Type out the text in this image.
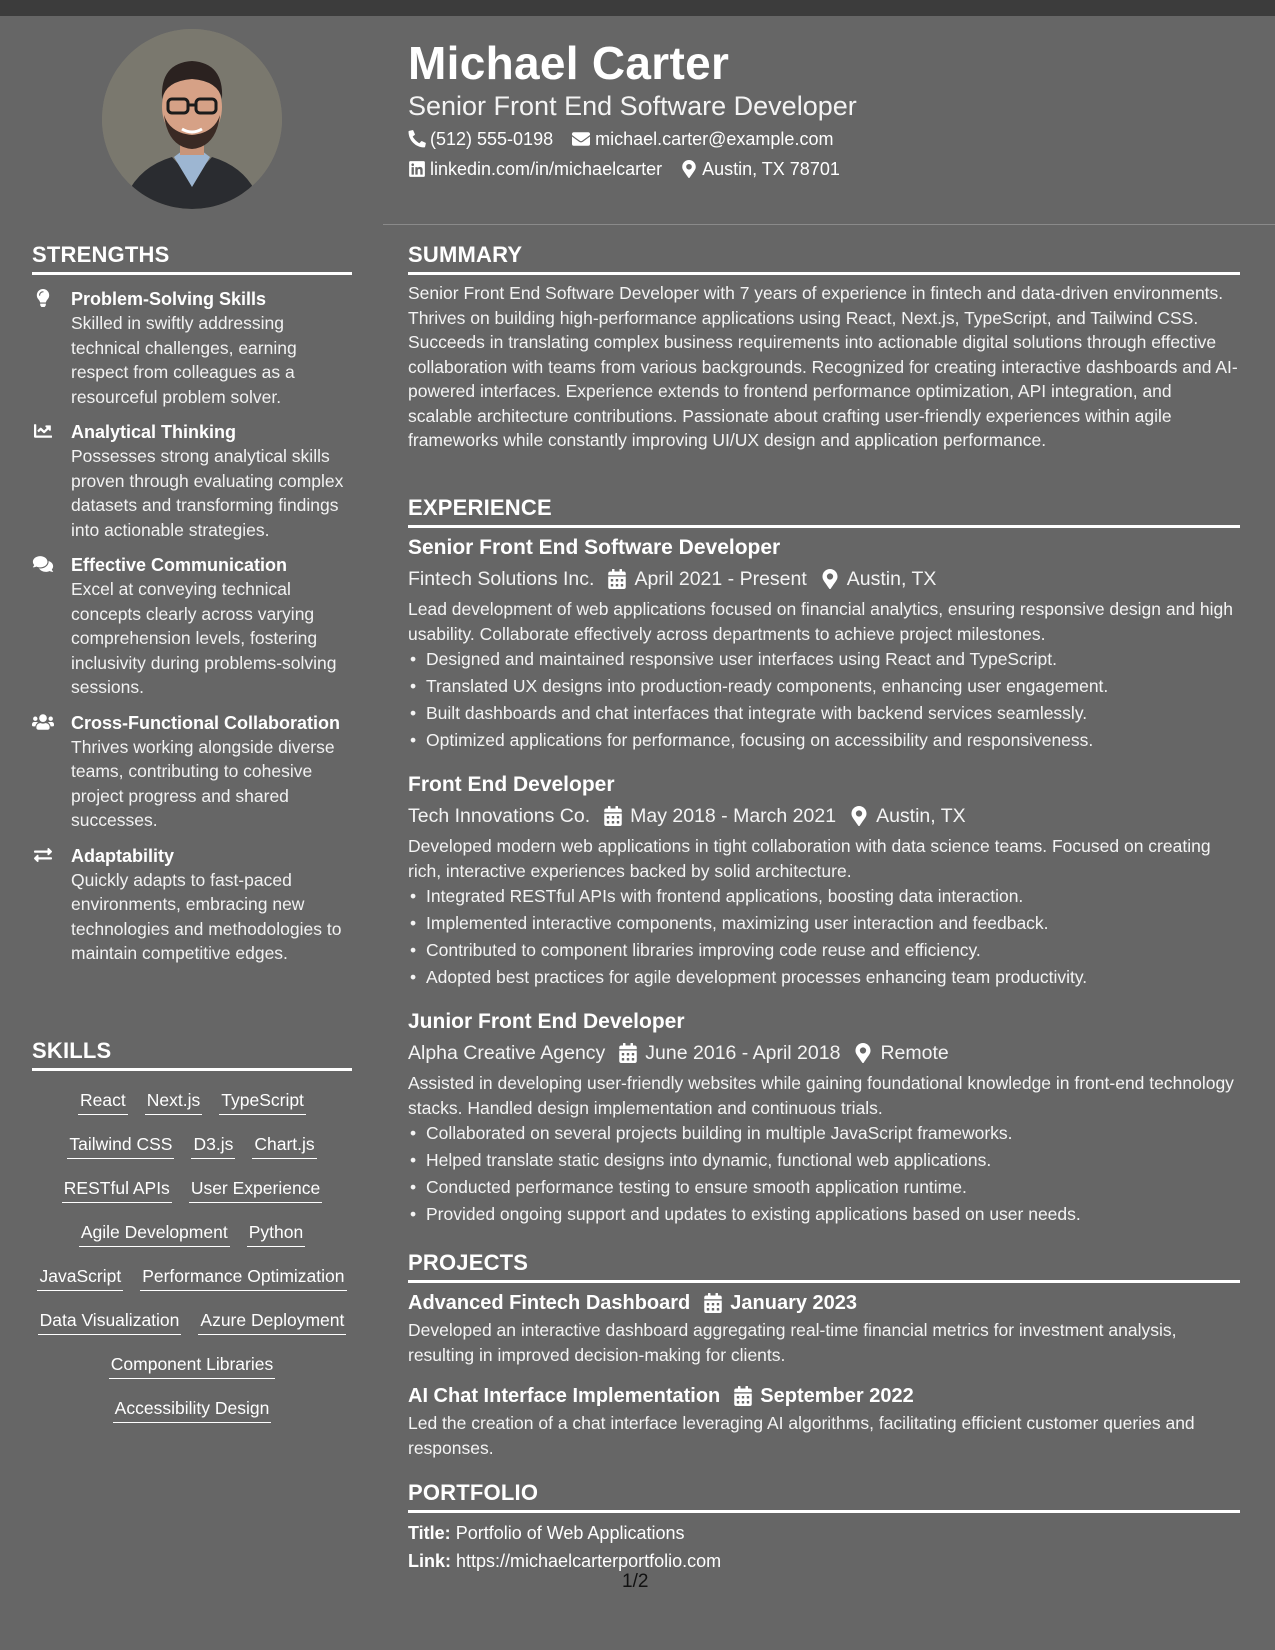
Michael Carter
Senior Front End Software Developer
(512) 555-0198 michael.carter@example.com
linkedin.com/in/michaelcarter Austin, TX 78701
STRENGTHS
Problem-Solving Skills
Skilled in swiftly addressing technical challenges, earning respect from colleagues as a resourceful problem solver.
Analytical Thinking
Possesses strong analytical skills proven through evaluating complex datasets and transforming findings into actionable strategies.
Effective Communication
Excel at conveying technical concepts clearly across varying comprehension levels, fostering inclusivity during problems-solving sessions.
Cross-Functional Collaboration
Thrives working alongside diverse teams, contributing to cohesive project progress and shared successes.
Adaptability
Quickly adapts to fast-paced environments, embracing new technologies and methodologies to maintain competitive edges.
SKILLS
React Next.js TypeScript
Tailwind CSS D3.js Chart.js
RESTful APIs User Experience
Agile Development Python
JavaScript Performance Optimization
Data Visualization Azure Deployment
Component Libraries
Accessibility Design
SUMMARY
Senior Front End Software Developer with 7 years of experience in fintech and data-driven environments. Thrives on building high-performance applications using React, Next.js, TypeScript, and Tailwind CSS. Succeeds in translating complex business requirements into actionable digital solutions through effective collaboration with teams from various backgrounds. Recognized for creating interactive dashboards and AI-powered interfaces. Experience extends to frontend performance optimization, API integration, and scalable architecture contributions. Passionate about crafting user-friendly experiences within agile frameworks while constantly improving UI/UX design and application performance.
EXPERIENCE
Senior Front End Software Developer
Fintech Solutions Inc. April 2021 - Present Austin, TX
Lead development of web applications focused on financial analytics, ensuring responsive design and high usability. Collaborate effectively across departments to achieve project milestones.
• Designed and maintained responsive user interfaces using React and TypeScript.
• Translated UX designs into production-ready components, enhancing user engagement.
• Built dashboards and chat interfaces that integrate with backend services seamlessly.
• Optimized applications for performance, focusing on accessibility and responsiveness.
Front End Developer
Tech Innovations Co. May 2018 - March 2021 Austin, TX
Developed modern web applications in tight collaboration with data science teams. Focused on creating rich, interactive experiences backed by solid architecture.
• Integrated RESTful APIs with frontend applications, boosting data interaction.
• Implemented interactive components, maximizing user interaction and feedback.
• Contributed to component libraries improving code reuse and efficiency.
• Adopted best practices for agile development processes enhancing team productivity.
Junior Front End Developer
Alpha Creative Agency June 2016 - April 2018 Remote
Assisted in developing user-friendly websites while gaining foundational knowledge in front-end technology stacks. Handled design implementation and continuous trials.
• Collaborated on several projects building in multiple JavaScript frameworks.
• Helped translate static designs into dynamic, functional web applications.
• Conducted performance testing to ensure smooth application runtime.
• Provided ongoing support and updates to existing applications based on user needs.
PROJECTS
Advanced Fintech Dashboard January 2023
Developed an interactive dashboard aggregating real-time financial metrics for investment analysis, resulting in improved decision-making for clients.
AI Chat Interface Implementation September 2022
Led the creation of a chat interface leveraging AI algorithms, facilitating efficient customer queries and responses.
PORTFOLIO
Title: Portfolio of Web Applications
Link: https://michaelcarterportfolio.com
1/2
